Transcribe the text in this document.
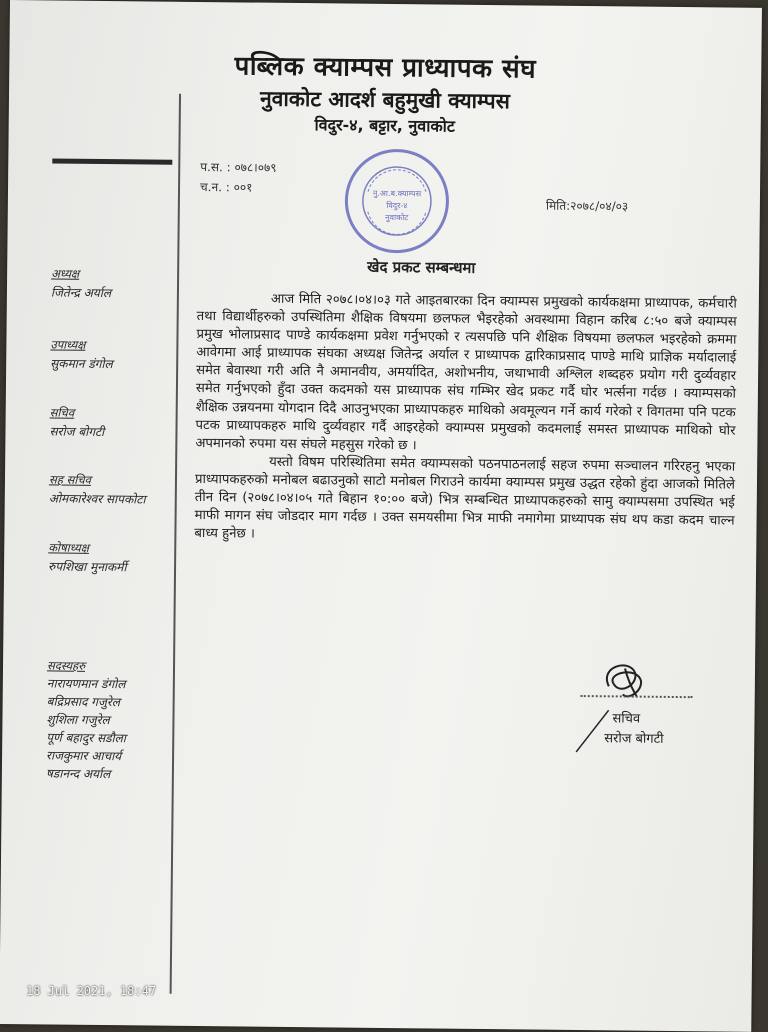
पब्लिक क्याम्पस प्राध्यापक संघ
नुवाकोट आदर्श बहुमुखी क्याम्पस
विदुर-४, बट्टार, नुवाकोट
प.स. : ०७८।०७९
च.न. : ००१
मिति:२०७८/०४/०३
नु.आ.ब.क्याम्पस
विदुर-४
नुवाकोट
खेद प्रकट सम्बन्धमा

आज मिति २०७८।०४।०३ गते आइतबारका दिन क्याम्पस प्रमुखको कार्यकक्षमा प्राध्यापक, कर्मचारी तथा विद्यार्थीहरुको उपस्थितिमा शैक्षिक विषयमा छलफल भैइरहेको अवस्थामा विहान करिब ८:५० बजे क्याम्पस प्रमुख भोलाप्रसाद पाण्डे कार्यकक्षमा प्रवेश गर्नुभएको र त्यसपछि पनि शैक्षिक विषयमा छलफल भइरहेको क्रममा आवेगमा आई प्राध्यापक संघका अध्यक्ष जितेन्द्र अर्याल र प्राध्यापक द्वारिकाप्रसाद पाण्डे माथि प्राज्ञिक मर्यादालाई समेत बेवास्था गरी अति नै अमानवीय, अमर्यादित, अशोभनीय, जथाभावी अश्लिल शब्दहरु प्रयोग गरी दुर्व्यवहार समेत गर्नुभएको हुँदा उक्त कदमको यस प्राध्यापक संघ गम्भिर खेद प्रकट गर्दै घोर भर्त्सना गर्दछ । क्याम्पसको शैक्षिक उन्नयनमा योगदान दिदै आउनुभएका प्राध्यापकहरु माथिको अवमूल्यन गर्ने कार्य गरेको र विगतमा पनि पटक पटक प्राध्यापकहरु माथि दुर्व्यवहार गर्दै आइरहेको क्याम्पस प्रमुखको कदमलाई समस्त प्राध्यापक माथिको घोर अपमानको रुपमा यस संघले महसुस गरेको छ ।

यस्तो विषम परिस्थितिमा समेत क्याम्पसको पठनपाठनलाई सहज रुपमा सञ्चालन गरिरहनु भएका प्राध्यापकहरुको मनोबल बढाउनुको साटो मनोबल गिराउने कार्यमा क्याम्पस प्रमुख उद्धत रहेको हुंदा आजको मितिले तीन दिन (२०७८।०४।०५ गते बिहान १०:०० बजे) भित्र सम्बन्धित प्राध्यापकहरुको सामु क्याम्पसमा उपस्थित भई माफी मागन संघ जोडदार माग गर्दछ । उक्त समयसीमा भित्र माफी नमागेमा प्राध्यापक संघ थप कडा कदम चाल्न बाध्य हुनेछ ।

अध्यक्ष
जितेन्द्र अर्याल
उपाध्यक्ष
सुकमान डंगोल
सचिव
सरोज बोगटी
सह सचिव
ओमकारेश्वर सापकोटा
कोषाध्यक्ष
रुपशिखा मुनाकर्मी
सदस्यहरु
नारायणमान डंगोल
बद्रिप्रसाद गजुरेल
शुशिला गजुरेल
पूर्ण बहादुर सडौला
राजकुमार आचार्य
षडानन्द अर्याल
सचिव
सरोज बोगटी
18 Jul 2021, 18:47
